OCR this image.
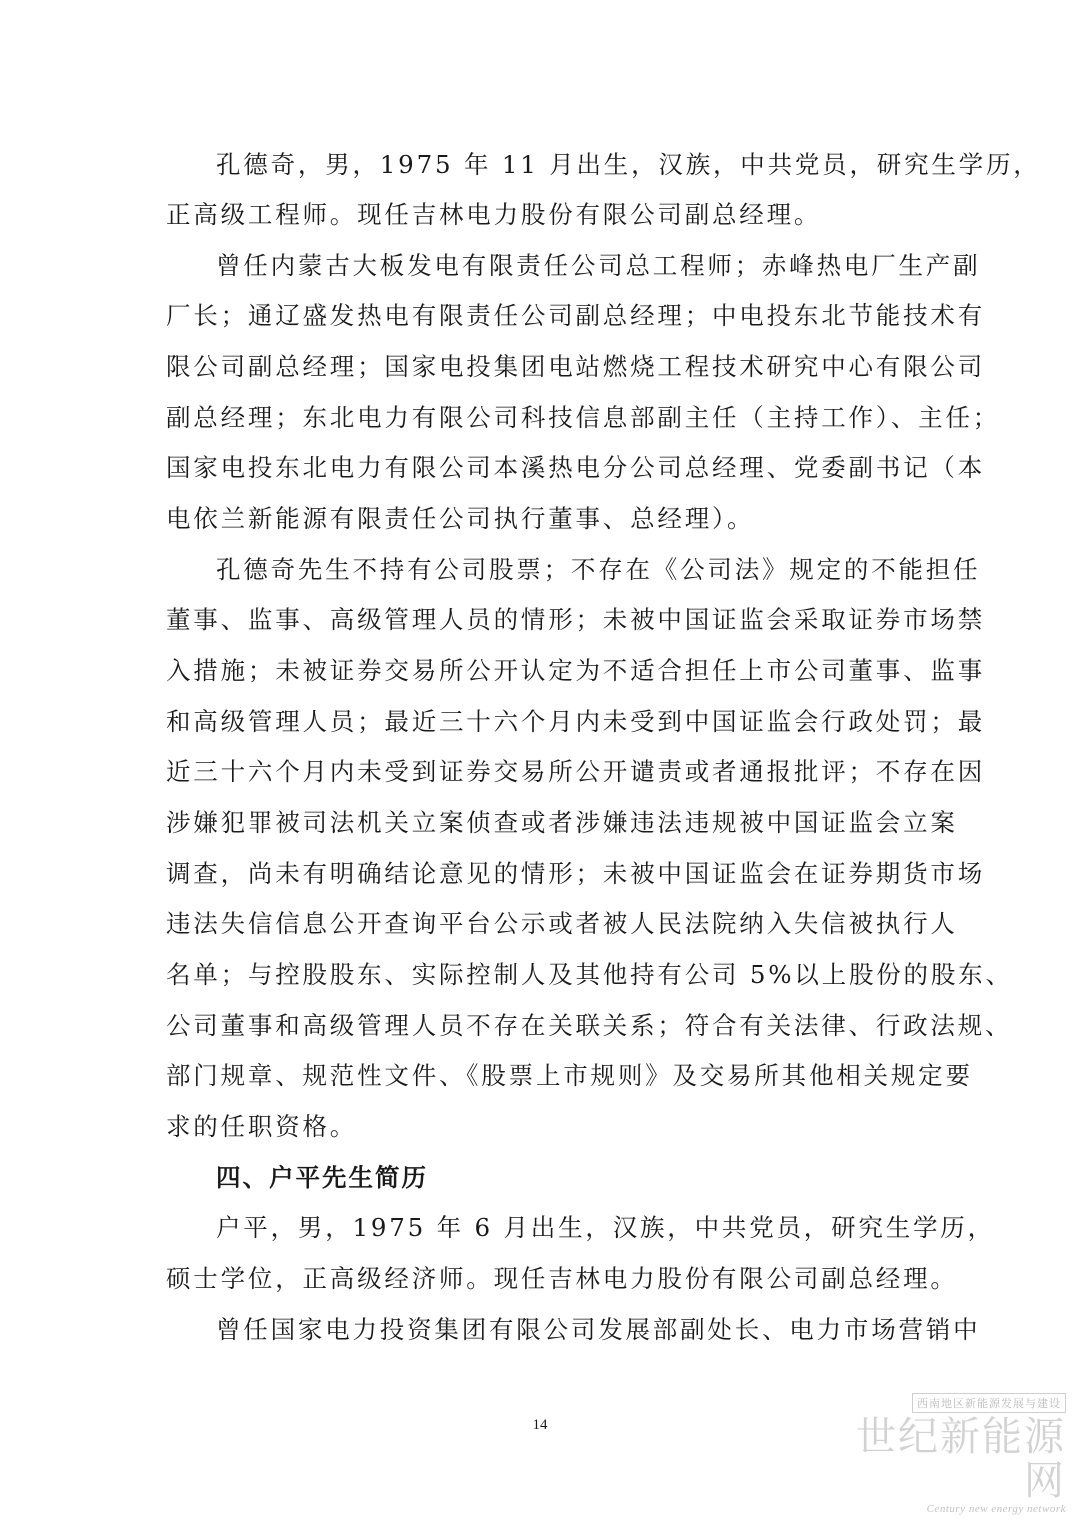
孔德奇，男，1975 年 11 月出生，汉族，中共党员，研究生学历，
正高级工程师。现任吉林电力股份有限公司副总经理。
曾任内蒙古大板发电有限责任公司总工程师；赤峰热电厂生产副
厂长；通辽盛发热电有限责任公司副总经理；中电投东北节能技术有
限公司副总经理；国家电投集团电站燃烧工程技术研究中心有限公司
副总经理；东北电力有限公司科技信息部副主任（主持工作）、主任；
国家电投东北电力有限公司本溪热电分公司总经理、党委副书记（本
电依兰新能源有限责任公司执行董事、总经理）。
孔德奇先生不持有公司股票；不存在《公司法》规定的不能担任
董事、监事、高级管理人员的情形；未被中国证监会采取证券市场禁
入措施；未被证券交易所公开认定为不适合担任上市公司董事、监事
和高级管理人员；最近三十六个月内未受到中国证监会行政处罚；最
近三十六个月内未受到证券交易所公开谴责或者通报批评；不存在因
涉嫌犯罪被司法机关立案侦查或者涉嫌违法违规被中国证监会立案
调查，尚未有明确结论意见的情形；未被中国证监会在证券期货市场
违法失信信息公开查询平台公示或者被人民法院纳入失信被执行人
名单；与控股股东、实际控制人及其他持有公司 5%以上股份的股东、
公司董事和高级管理人员不存在关联关系；符合有关法律、行政法规、
部门规章、规范性文件、《股票上市规则》及交易所其他相关规定要
求的任职资格。
四、户平先生简历
户平，男，1975 年 6 月出生，汉族，中共党员，研究生学历，
硕士学位，正高级经济师。现任吉林电力股份有限公司副总经理。
曾任国家电力投资集团有限公司发展部副处长、电力市场营销中
14
西南地区新能源发展与建设
世纪新能源网
Century new energy network
